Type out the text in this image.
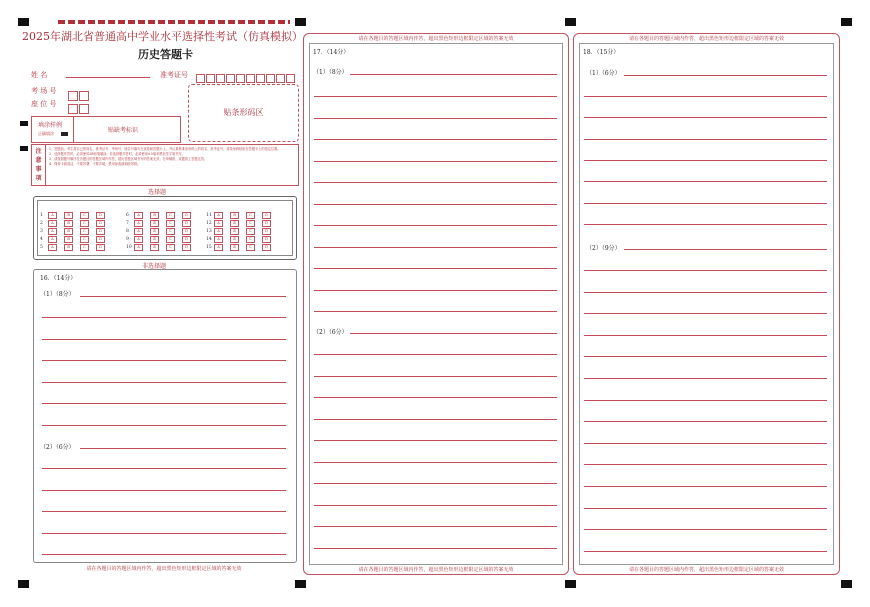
2025年湖北省普通高中学业水平选择性考试（仿真模拟）
历史答题卡
姓 名	准考证号
考 场 号
座 位 号
贴条形码区
填涂样例
正确填涂	贴缺考标识
注
意
事
项
1．答题前，考生将自己的姓名、准考证号、考场号、座位号填写在试卷和答题卡上，并认真核准条形码上的姓名、准考证号，将条形码粘贴在答题卡上的指定位置。
2．选择题作答时，必须使用2B铅笔填涂；非选择题作答时，必须使用0.5毫米黑色签字笔书写。
3．请按照题号顺序在各题目的答题区域内作答，超出答题区域书写的答案无效；在草稿纸、试题卷上答题无效。
4．保持卡面清洁，不要折叠、不要弄破，禁用涂改液和胶带纸。
选择题
1 A	B	C	D
2 A	B	C	D
3 A	B	C	D
4 A	B	C	D
5 A	B	C	D
6 A	B	C	D
7 A	B	C	D
8 A	B	C	D
9 A	B	C	D
10 A	B	C	D
11 A	B	C	D
12 A	B	C	D
13 A	B	C	D
14 A	B	C	D
15 A	B	C	D
非选择题
16．（14分）
（1）（8分）
（2）（6分）
请在各题目的答题区域内作答，超出黑色矩形边框限定区域的答案无效
请在各题目的答题区域内作答，超出黑色矩形边框限定区域的答案无效
17．（14分）
（1）（8分）
（2）（6分）
请在各题目的答题区域内作答，超出黑色矩形边框限定区域的答案无效
请在各题目的答题区域内作答，超出黑色矩形边框限定区域的答案无效
18．（15分）
（1）（6分）
（2）（9分）
请在各题目的答题区域内作答，超出黑色矩形边框限定区域的答案无效
